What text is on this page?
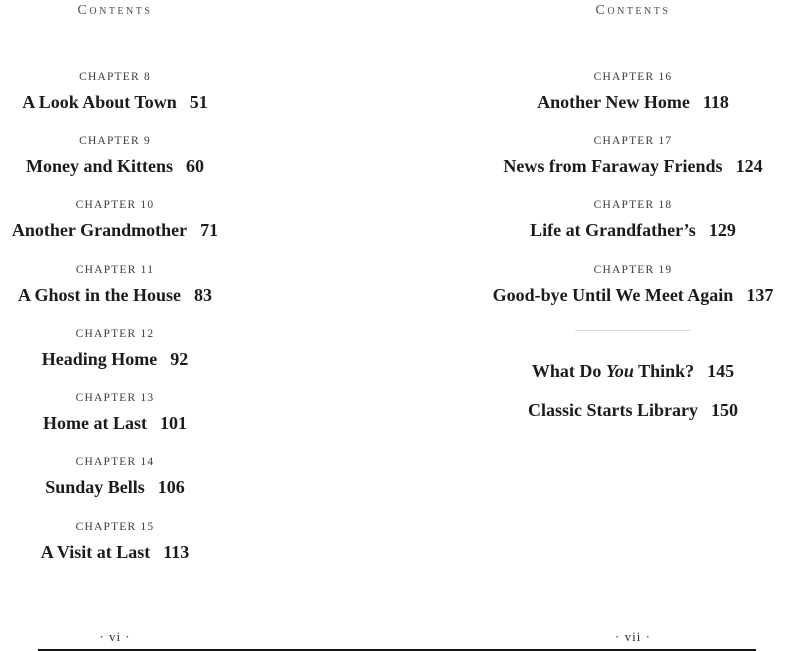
Contents
CHAPTER 8
A Look About Town 51
CHAPTER 9
Money and Kittens 60
CHAPTER 10
Another Grandmother 71
CHAPTER 11
A Ghost in the House 83
CHAPTER 12
Heading Home 92
CHAPTER 13
Home at Last 101
CHAPTER 14
Sunday Bells 106
CHAPTER 15
A Visit at Last 113
· vi ·
Contents
CHAPTER 16
Another New Home 118
CHAPTER 17
News from Faraway Friends 124
CHAPTER 18
Life at Grandfather’s 129
CHAPTER 19
Good-bye Until We Meet Again 137
What Do You Think? 145
Classic Starts Library 150
· vii ·
